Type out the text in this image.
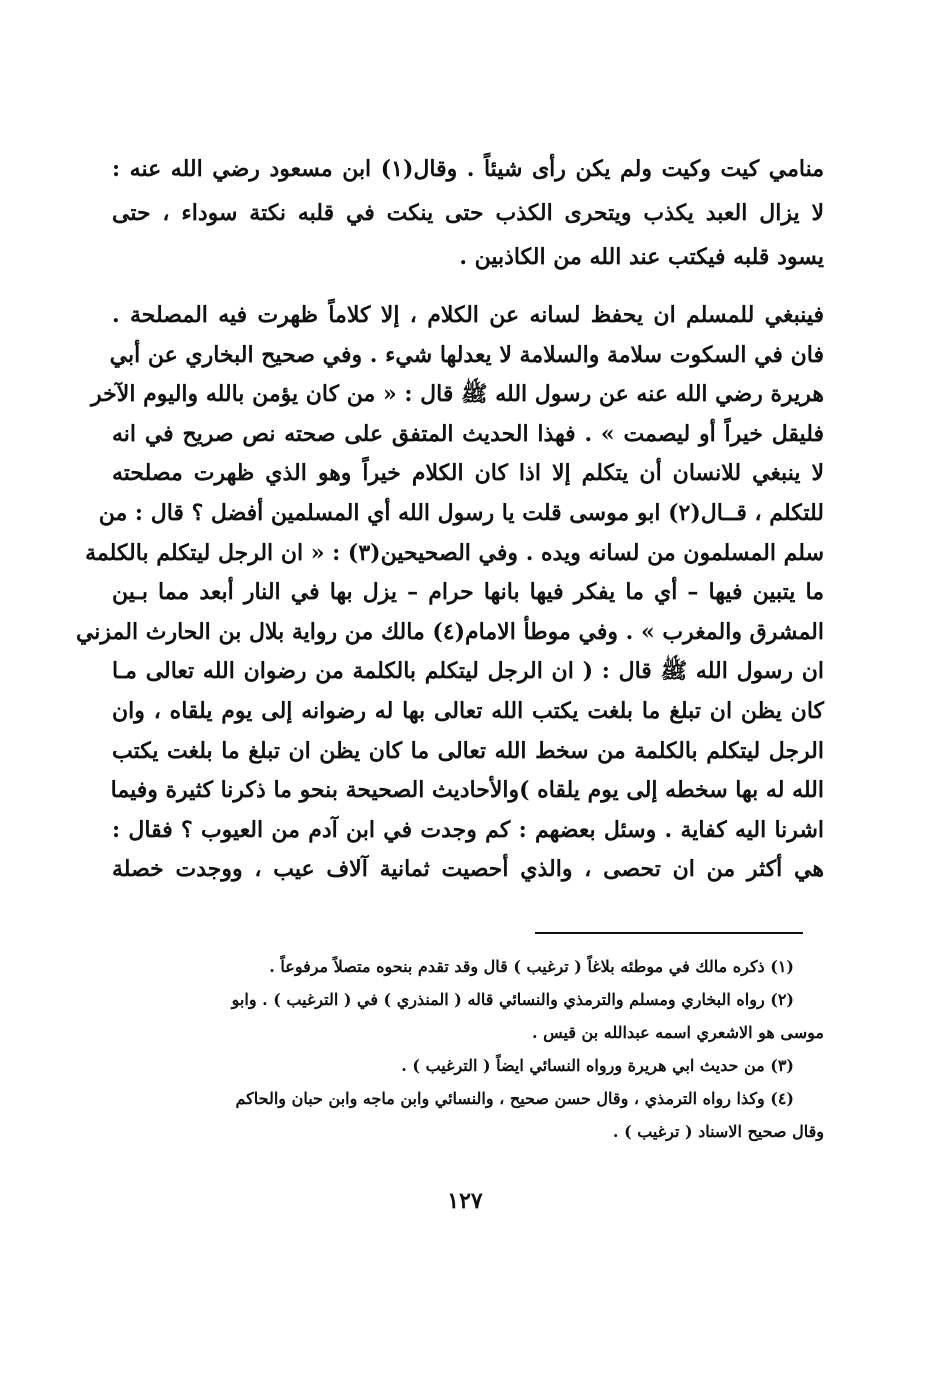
منامي كيت وكيت ولم يكن رأى شيئاً . وقال(١) ابن مسعود رضي الله عنه :
لا يزال العبد يكذب ويتحرى الكذب حتى ينكت في قلبه نكتة سوداء ، حتى
يسود قلبه فيكتب عند الله من الكاذبين .
فينبغي للمسلم ان يحفظ لسانه عن الكلام ، إلا كلاماً ظهرت فيه المصلحة .
فان في السكوت سلامة والسلامة لا يعدلها شيء . وفي صحيح البخاري عن أبي
هريرة رضي الله عنه عن رسول الله ﷺ قال : « من كان يؤمن بالله واليوم الآخر
فليقل خيراً أو ليصمت » . فهذا الحديث المتفق على صحته نص صريح في انه
لا ينبغي للانسان أن يتكلم إلا اذا كان الكلام خيراً وهو الذي ظهرت مصلحته
للتكلم ، قــال(٢) ابو موسى قلت يا رسول الله أي المسلمين أفضل ؟ قال : من
سلم المسلمون من لسانه ويده . وفي الصحيحين(٣) : « ان الرجل ليتكلم بالكلمة
ما يتبين فيها – أي ما يفكر فيها بانها حرام – يزل بها في النار أبعد مما بـين
المشرق والمغرب » . وفي موطأ الامام(٤) مالك من رواية بلال بن الحارث المزني
ان رسول الله ﷺ قال : ( ان الرجل ليتكلم بالكلمة من رضوان الله تعالى مـا
كان يظن ان تبلغ ما بلغت يكتب الله تعالى بها له رضوانه إلى يوم يلقاه ، وان
الرجل ليتكلم بالكلمة من سخط الله تعالى ما كان يظن ان تبلغ ما بلغت يكتب
الله له بها سخطه إلى يوم يلقاه )والأحاديث الصحيحة بنحو ما ذكرنا كثيرة وفيما
اشرنا اليه كفاية . وسئل بعضهم : كم وجدت في ابن آدم من العيوب ؟ فقال :
هي أكثر من ان تحصى ، والذي أحصيت ثمانية آلاف عيب ، ووجدت خصلة
(١) ذكره مالك في موطئه بلاغاً ( ترغيب ) قال وقد تقدم بنحوه متصلاً مرفوعاً .
(٢) رواه البخاري ومسلم والترمذي والنسائي قاله ( المنذري ) في ( الترغيب ) . وابو
موسى هو الاشعري اسمه عبدالله بن قيس .
(٣) من حديث ابي هريرة ورواه النسائي ايضاً ( الترغيب ) .
(٤) وكذا رواه الترمذي ، وقال حسن صحيح ، والنسائي وابن ماجه وابن حبان والحاكم
وقال صحيح الاسناد ( ترغيب ) .
١٢٧
